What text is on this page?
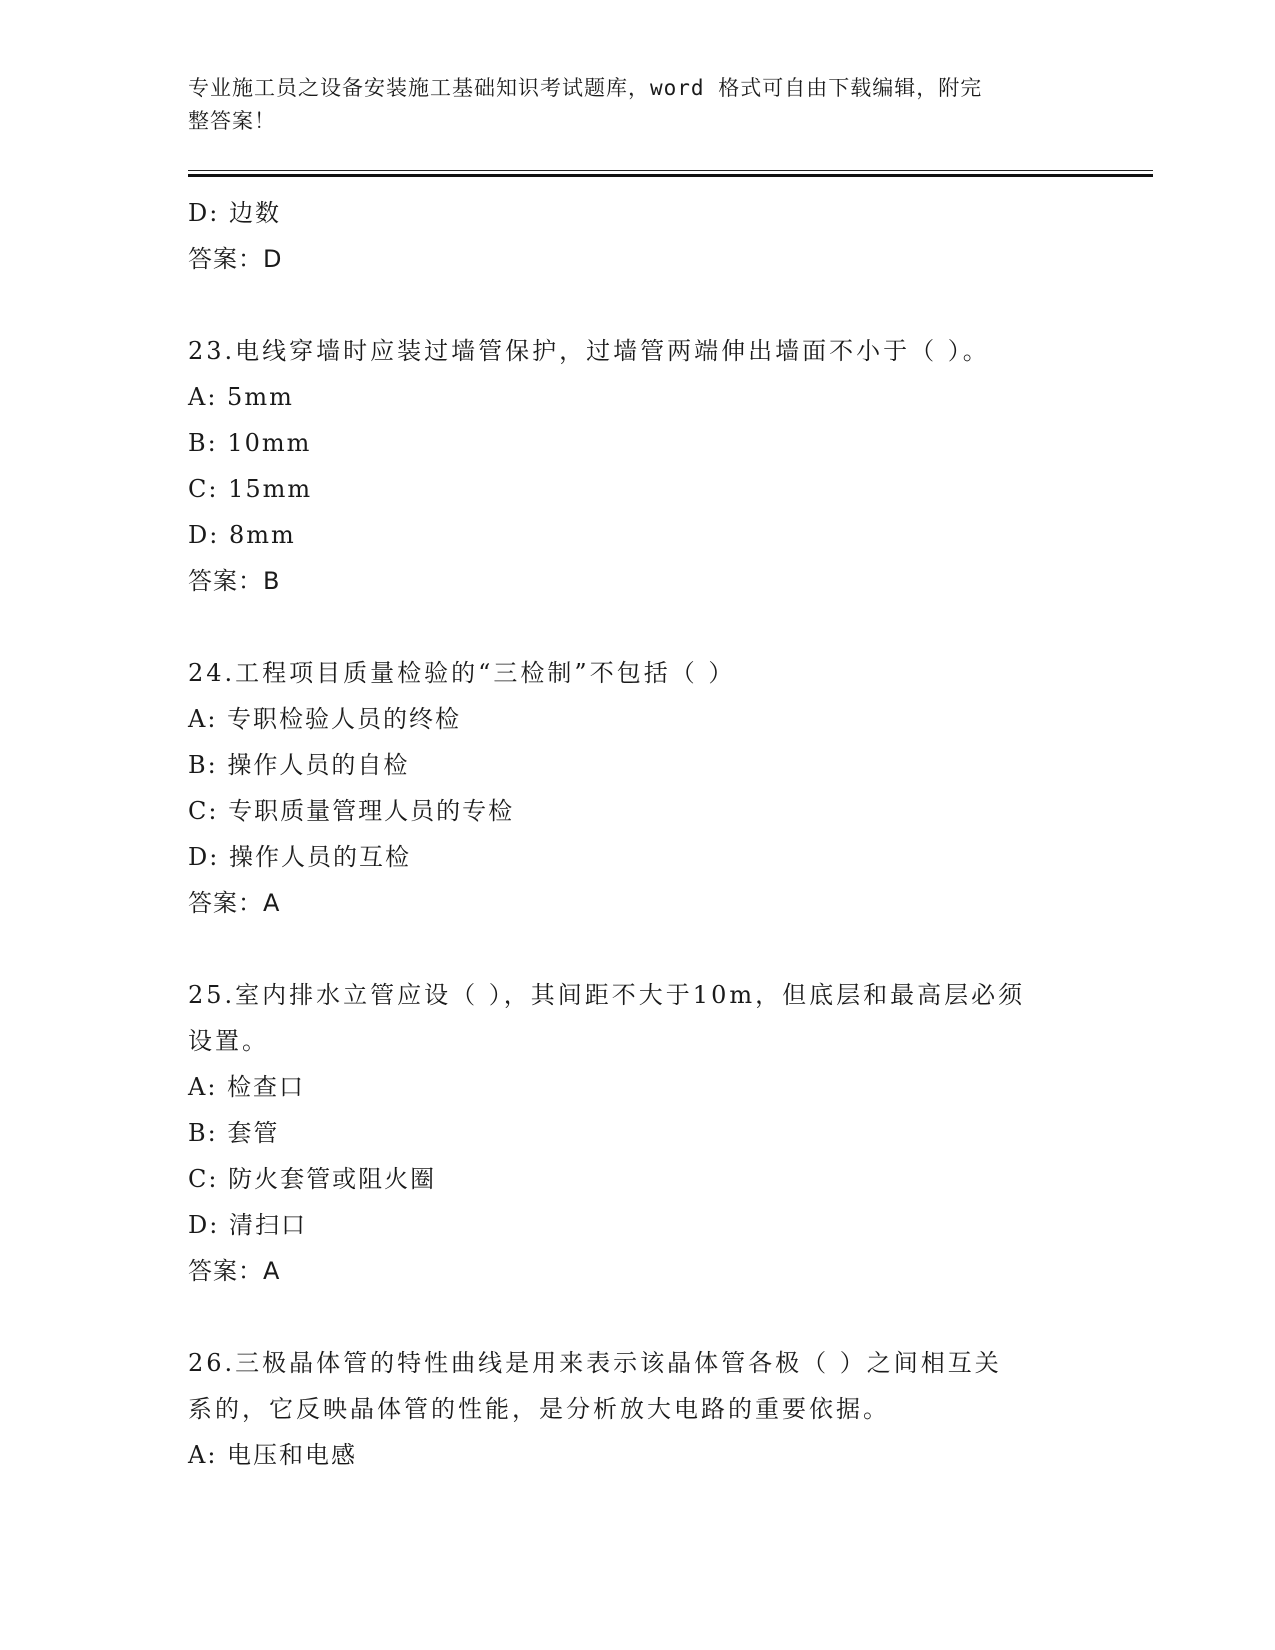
专业施工员之设备安装施工基础知识考试题库，word 格式可自由下载编辑，附完
整答案！
D: 边数
答案：D
23.电线穿墙时应装过墙管保护，过墙管两端伸出墙面不小于（ ）。
A: 5mm
B: 10mm
C: 15mm
D: 8mm
答案：B
24.工程项目质量检验的“三检制”不包括（ ）
A: 专职检验人员的终检
B: 操作人员的自检
C: 专职质量管理人员的专检
D: 操作人员的互检
答案：A
25.室内排水立管应设（ ），其间距不大于10m，但底层和最高层必须
设置。
A: 检查口
B: 套管
C: 防火套管或阻火圈
D: 清扫口
答案：A
26.三极晶体管的特性曲线是用来表示该晶体管各极（ ）之间相互关
系的，它反映晶体管的性能，是分析放大电路的重要依据。
A: 电压和电感
